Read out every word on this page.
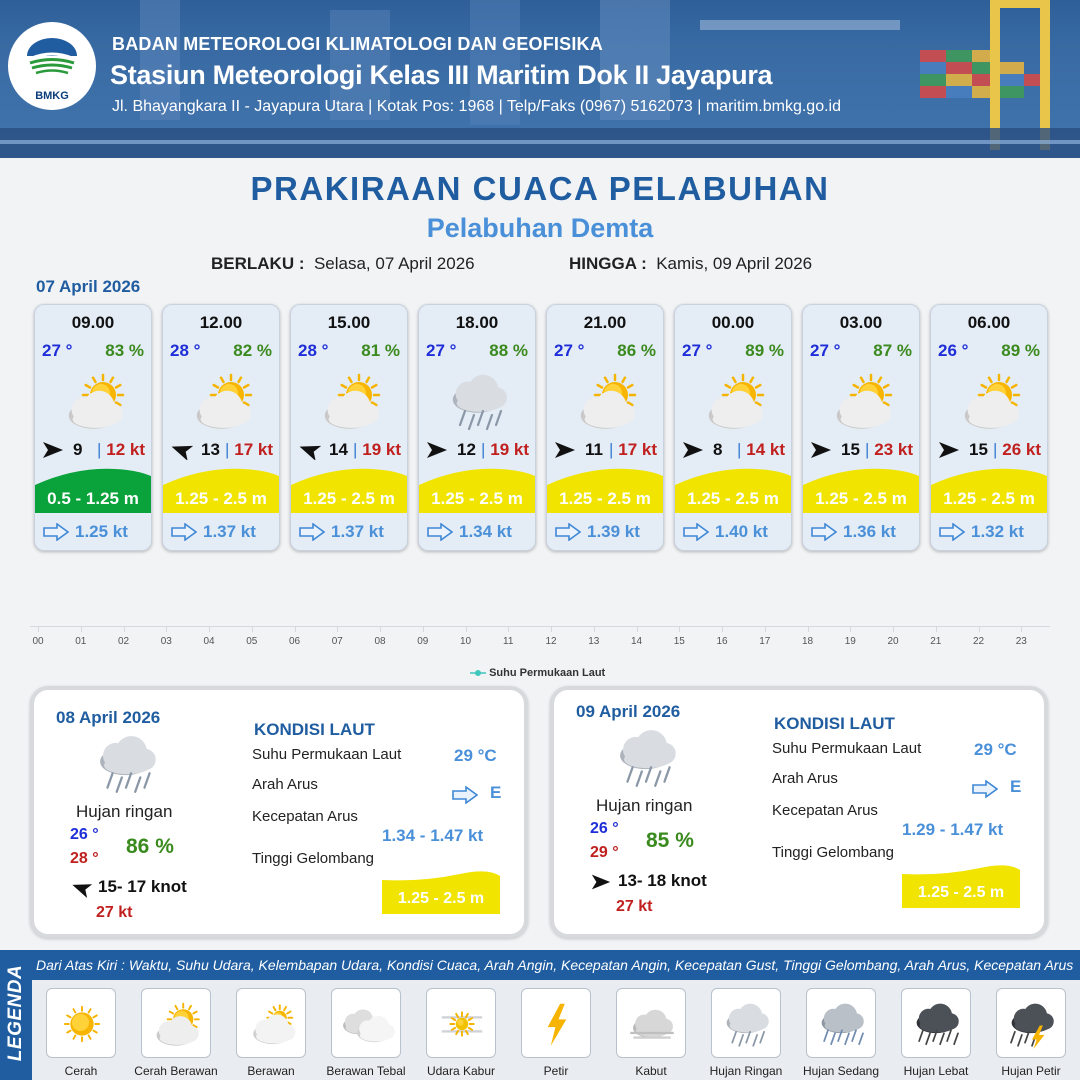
BMKG
BADAN METEOROLOGI KLIMATOLOGI DAN GEOFISIKA
Stasiun Meteorologi Kelas III Maritim Dok II Jayapura
Jl. Bhayangkara II - Jayapura Utara | Kotak Pos: 1968 | Telp/Faks (0967) 5162073 | maritim.bmkg.go.id
PRAKIRAAN CUACA PELABUHAN
Pelabuhan Demta
BERLAKU : Selasa, 07 April 2026	HINGGA : Kamis, 09 April 2026
07 April 2026
09.00
27 ° 83 %
9 | 12 kt
0.5 - 1.25 m
1.25 kt
12.00
28 ° 82 %
13 | 17 kt
1.25 - 2.5 m
1.37 kt
15.00
28 ° 81 %
14 | 19 kt
1.25 - 2.5 m
1.37 kt
18.00
27 ° 88 %
12 | 19 kt
1.25 - 2.5 m
1.34 kt
21.00
27 ° 86 %
11 | 17 kt
1.25 - 2.5 m
1.39 kt
00.00
27 ° 89 %
8 | 14 kt
1.25 - 2.5 m
1.40 kt
03.00
27 ° 87 %
15 | 23 kt
1.25 - 2.5 m
1.36 kt
06.00
26 ° 89 %
15 | 26 kt
1.25 - 2.5 m
1.32 kt
00	01	02	03	04	05	06	07	08	09	10	11	12	13	14	15	16	17	18	19	20	21	22	23
Suhu Permukaan Laut
08 April 2026
Hujan ringan
26 °
28 °
86 %
15- 17 knot
27 kt
KONDISI LAUT
Suhu Permukaan Laut	29 °C
Arah Arus	E
Kecepatan Arus
1.34 - 1.47 kt
Tinggi Gelombang
1.25 - 2.5 m
09 April 2026
Hujan ringan
26 °
29 °
85 %
13- 18 knot
27 kt
KONDISI LAUT
Suhu Permukaan Laut	29 °C
Arah Arus	E
Kecepatan Arus
1.29 - 1.47 kt
Tinggi Gelombang
1.25 - 2.5 m
LEGENDA Dari Atas Kiri : Waktu, Suhu Udara, Kelembapan Udara, Kondisi Cuaca, Arah Angin, Kecepatan Angin, Kecepatan Gust, Tinggi Gelombang, Arah Arus, Kecepatan Arus
Cerah	Cerah Berawan	Berawan	Berawan Tebal	Udara Kabur	Petir	Kabut	Hujan Ringan	Hujan Sedang	Hujan Lebat	Hujan Petir
